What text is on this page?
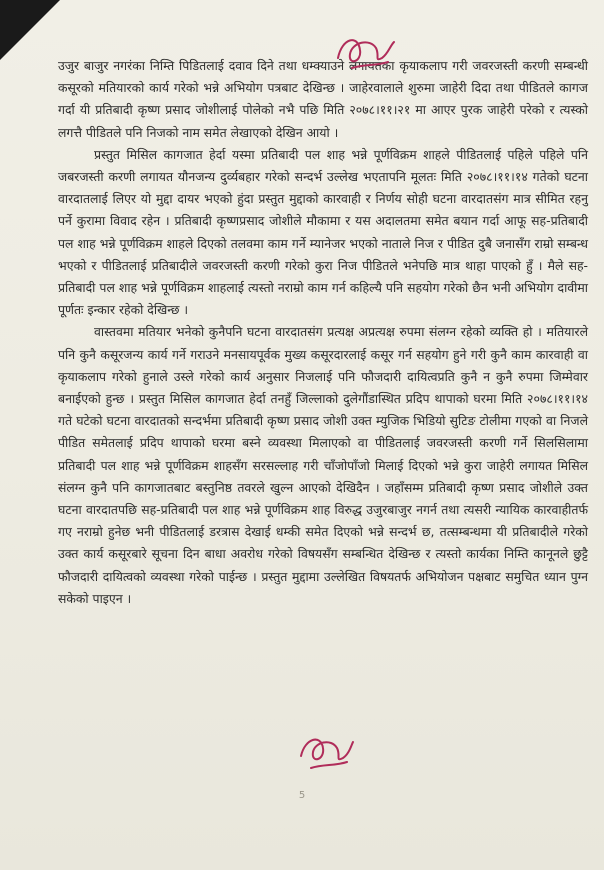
उजुर बाजुर नगरंका निम्ति पिडितलाई दवाव दिने तथा धम्क्याउने लगायतका कृयाकलाप गरी जवरजस्ती करणी सम्बन्धी कसूरको मतियारको कार्य गरेको भन्ने अभियोग पत्रबाट देखिन्छ । जाहेरवालाले शुरुमा जाहेरी दिदा तथा पीडितले कागज गर्दा यी प्रतिबादी कृष्ण प्रसाद जोशीलाई पोलेको नभै पछि मिति २०७८।११।२१ मा आएर पुरक जाहेरी परेको र त्यस्को लगत्तै पीडितले पनि निजको नाम समेत लेखाएको देखिन आयो ।

प्रस्तुत मिसिल कागजात हेर्दा यस्मा प्रतिबादी पल शाह भन्ने पूर्णविक्रम शाहले पीडितलाई पहिले पहिले पनि जबरजस्ती करणी लगायत यौनजन्य दुर्व्यबहार गरेको सन्दर्भ उल्लेख भएतापनि मूलतः मिति २०७८।११।१४ गतेको घटना वारदातलाई लिएर यो मुद्दा दायर भएको हुंदा प्रस्तुत मुद्दाको कारवाही र निर्णय सोही घटना वारदातसंग मात्र सीमित रहनु पर्ने कुरामा विवाद रहेन । प्रतिबादी कृष्णप्रसाद जोशीले मौकामा र यस अदालतमा समेत बयान गर्दा आफू सह-प्रतिबादी पल शाह भन्ने पूर्णविक्रम शाहले दिएको तलवमा काम गर्ने म्यानेजर भएको नाताले निज र पीडित दुबै जनासँग राम्रो सम्बन्ध भएको र पीडितलाई प्रतिबादीले जवरजस्ती करणी गरेको कुरा निज पीडितले भनेपछि मात्र थाहा पाएको हुँ । मैले सह-प्रतिबादी पल शाह भन्ने पूर्णविक्रम शाहलाई त्यस्तो नराम्रो काम गर्न कहिल्यै पनि सहयोग गरेको छैन भनी अभियोग दावीमा पूर्णतः इन्कार रहेको देखिन्छ ।

वास्तवमा मतियार भनेको कुनैपनि घटना वारदातसंग प्रत्यक्ष अप्रत्यक्ष रुपमा संलग्न रहेको व्यक्ति हो । मतियारले पनि कुनै कसूरजन्य कार्य गर्ने गराउने मनसायपूर्वक मुख्य कसूरदारलाई कसूर गर्न सहयोग हुने गरी कुनै काम कारवाही वा कृयाकलाप गरेको हुनाले उस्ले गरेको कार्य अनुसार निजलाई पनि फौजदारी दायित्वप्रति कुनै न कुनै रुपमा जिम्मेवार बनाईएको हुन्छ । प्रस्तुत मिसिल कागजात हेर्दा तनहुँ जिल्लाको दुलेगौंडास्थित प्रदिप थापाको घरमा मिति २०७८।११।१४ गते घटेको घटना वारदातको सन्दर्भमा प्रतिबादी कृष्ण प्रसाद जोशी उक्त म्युजिक भिडियो सुटिङ टोलीमा गएको वा निजले पीडित समेतलाई प्रदिप थापाको घरमा बस्ने व्यवस्था मिलाएको वा पीडितलाई जवरजस्ती करणी गर्ने सिलसिलामा प्रतिबादी पल शाह भन्ने पूर्णविक्रम शाहसँग सरसल्लाह गरी चाँजोपाँजो मिलाई दिएको भन्ने कुरा जाहेरी लगायत मिसिल संलग्न कुनै पनि कागजातबाट बस्तुनिष्ठ तवरले खुल्न आएको देखिदैन । जहाँसम्म प्रतिबादी कृष्ण प्रसाद जोशीले उक्त घटना वारदातपछि सह-प्रतिबादी पल शाह भन्ने पूर्णविक्रम शाह विरुद्ध उजुरबाजुर नगर्न तथा त्यसरी न्यायिक कारवाहीतर्फ गए नराम्रो हुनेछ भनी पीडितलाई डरत्रास देखाई धम्की समेत दिएको भन्ने सन्दर्भ छ, तत्सम्बन्धमा यी प्रतिबादीले गरेको उक्त कार्य कसूरबारे सूचना दिन बाधा अवरोध गरेको विषयसँग सम्बन्धित देखिन्छ र त्यस्तो कार्यका निम्ति कानूनले छुट्टै फौजदारी दायित्वको व्यवस्था गरेको पाईन्छ । प्रस्तुत मुद्दामा उल्लेखित विषयतर्फ अभियोजन पक्षबाट समुचित ध्यान पुग्न सकेको पाइएन ।

5
